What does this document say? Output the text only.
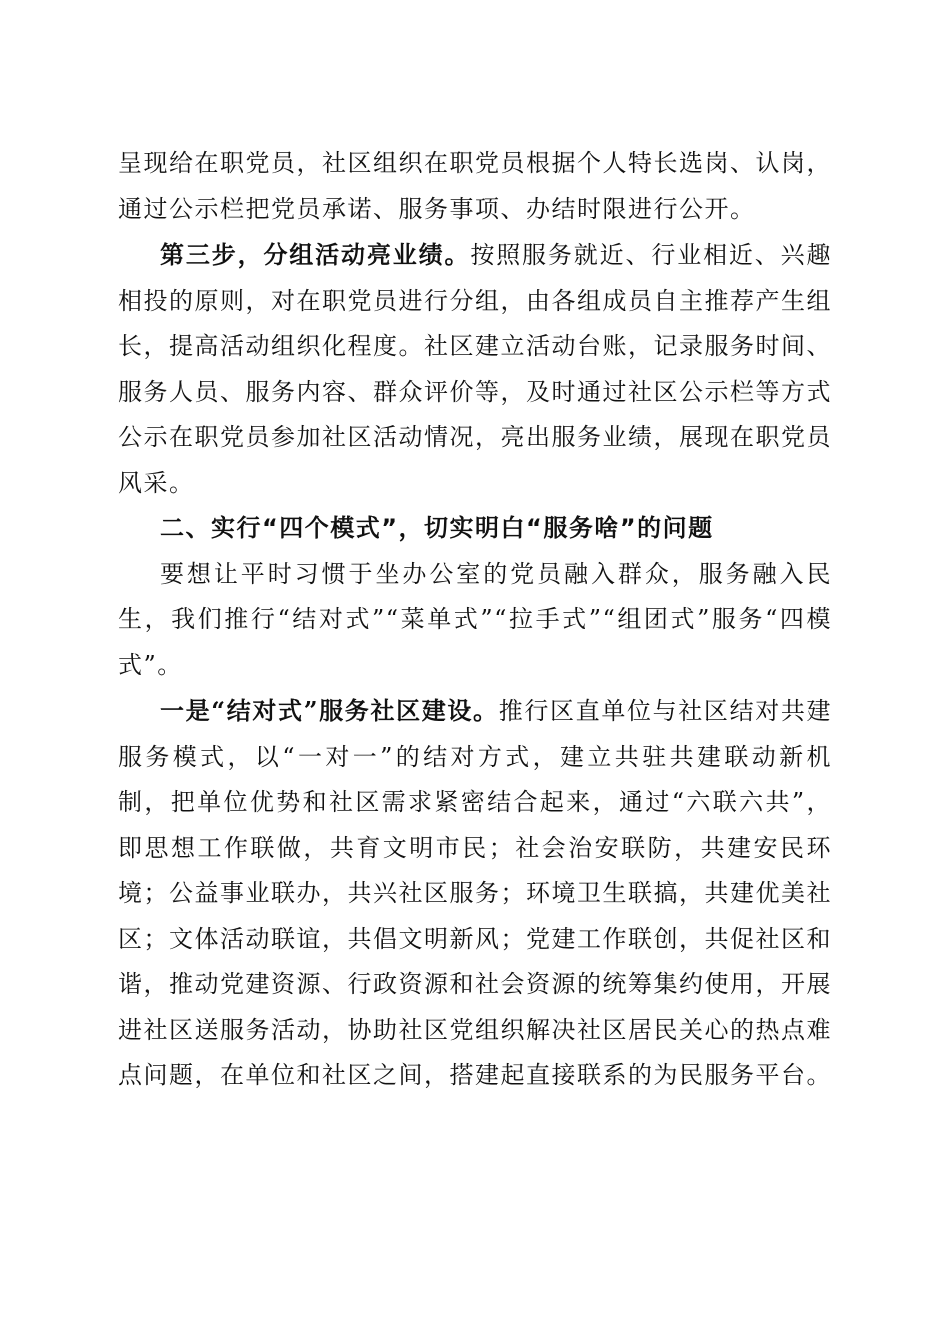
呈现给在职党员，社区组织在职党员根据个人特长选岗、认岗，通过公示栏把党员承诺、服务事项、办结时限进行公开。

第三步，分组活动亮业绩。按照服务就近、行业相近、兴趣相投的原则，对在职党员进行分组，由各组成员自主推荐产生组长，提高活动组织化程度。社区建立活动台账，记录服务时间、服务人员、服务内容、群众评价等，及时通过社区公示栏等方式公示在职党员参加社区活动情况，亮出服务业绩，展现在职党员风采。

二、实行“四个模式”，切实明白“服务啥”的问题

要想让平时习惯于坐办公室的党员融入群众，服务融入民生，我们推行“结对式”“菜单式”“拉手式”“组团式”服务“四模式”。

一是“结对式”服务社区建设。推行区直单位与社区结对共建服务模式，以“一对一”的结对方式，建立共驻共建联动新机制，把单位优势和社区需求紧密结合起来，通过“六联六共”，即思想工作联做，共育文明市民；社会治安联防，共建安民环境；公益事业联办，共兴社区服务；环境卫生联搞，共建优美社区；文体活动联谊，共倡文明新风；党建工作联创，共促社区和谐，推动党建资源、行政资源和社会资源的统筹集约使用，开展进社区送服务活动，协助社区党组织解决社区居民关心的热点难点问题，在单位和社区之间，搭建起直接联系的为民服务平台。
